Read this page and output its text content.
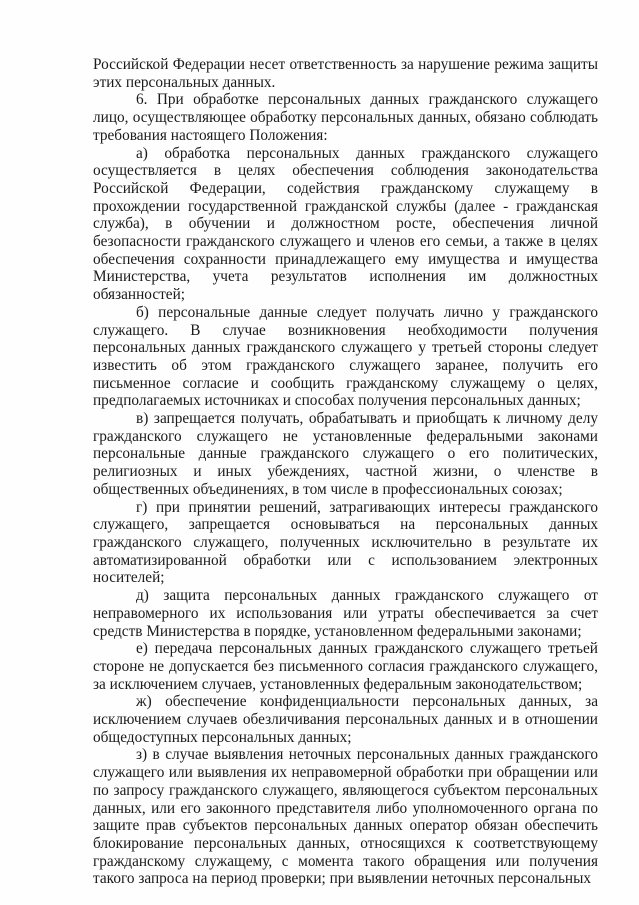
Российской Федерации несет ответственность за нарушение режима защиты этих персональных данных.

6. При обработке персональных данных гражданского служащего лицо, осуществляющее обработку персональных данных, обязано соблюдать требования настоящего Положения:

а) обработка персональных данных гражданского служащего осуществляется в целях обеспечения соблюдения законодательства Российской Федерации, содействия гражданскому служащему в прохождении государственной гражданской службы (далее - гражданская служба), в обучении и должностном росте, обеспечения личной безопасности гражданского служащего и членов его семьи, а также в целях обеспечения сохранности принадлежащего ему имущества и имущества Министерства, учета результатов исполнения им должностных обязанностей;

б) персональные данные следует получать лично у гражданского служащего. В случае возникновения необходимости получения персональных данных гражданского служащего у третьей стороны следует известить об этом гражданского служащего заранее, получить его письменное согласие и сообщить гражданскому служащему о целях, предполагаемых источниках и способах получения персональных данных;

в) запрещается получать, обрабатывать и приобщать к личному делу гражданского служащего не установленные федеральными законами персональные данные гражданского служащего о его политических, религиозных и иных убеждениях, частной жизни, о членстве в общественных объединениях, в том числе в профессиональных союзах;

г) при принятии решений, затрагивающих интересы гражданского служащего, запрещается основываться на персональных данных гражданского служащего, полученных исключительно в результате их автоматизированной обработки или с использованием электронных носителей;

д) защита персональных данных гражданского служащего от неправомерного их использования или утраты обеспечивается за счет средств Министерства в порядке, установленном федеральными законами;

е) передача персональных данных гражданского служащего третьей стороне не допускается без письменного согласия гражданского служащего, за исключением случаев, установленных федеральным законодательством;

ж) обеспечение конфиденциальности персональных данных, за исключением случаев обезличивания персональных данных и в отношении общедоступных персональных данных;

з) в случае выявления неточных персональных данных гражданского служащего или выявления их неправомерной обработки при обращении или по запросу гражданского служащего, являющегося субъектом персональных данных, или его законного представителя либо уполномоченного органа по защите прав субъектов персональных данных оператор обязан обеспечить блокирование персональных данных, относящихся к соответствующему гражданскому служащему, с момента такого обращения или получения такого запроса на период проверки; при выявлении неточных персональных
